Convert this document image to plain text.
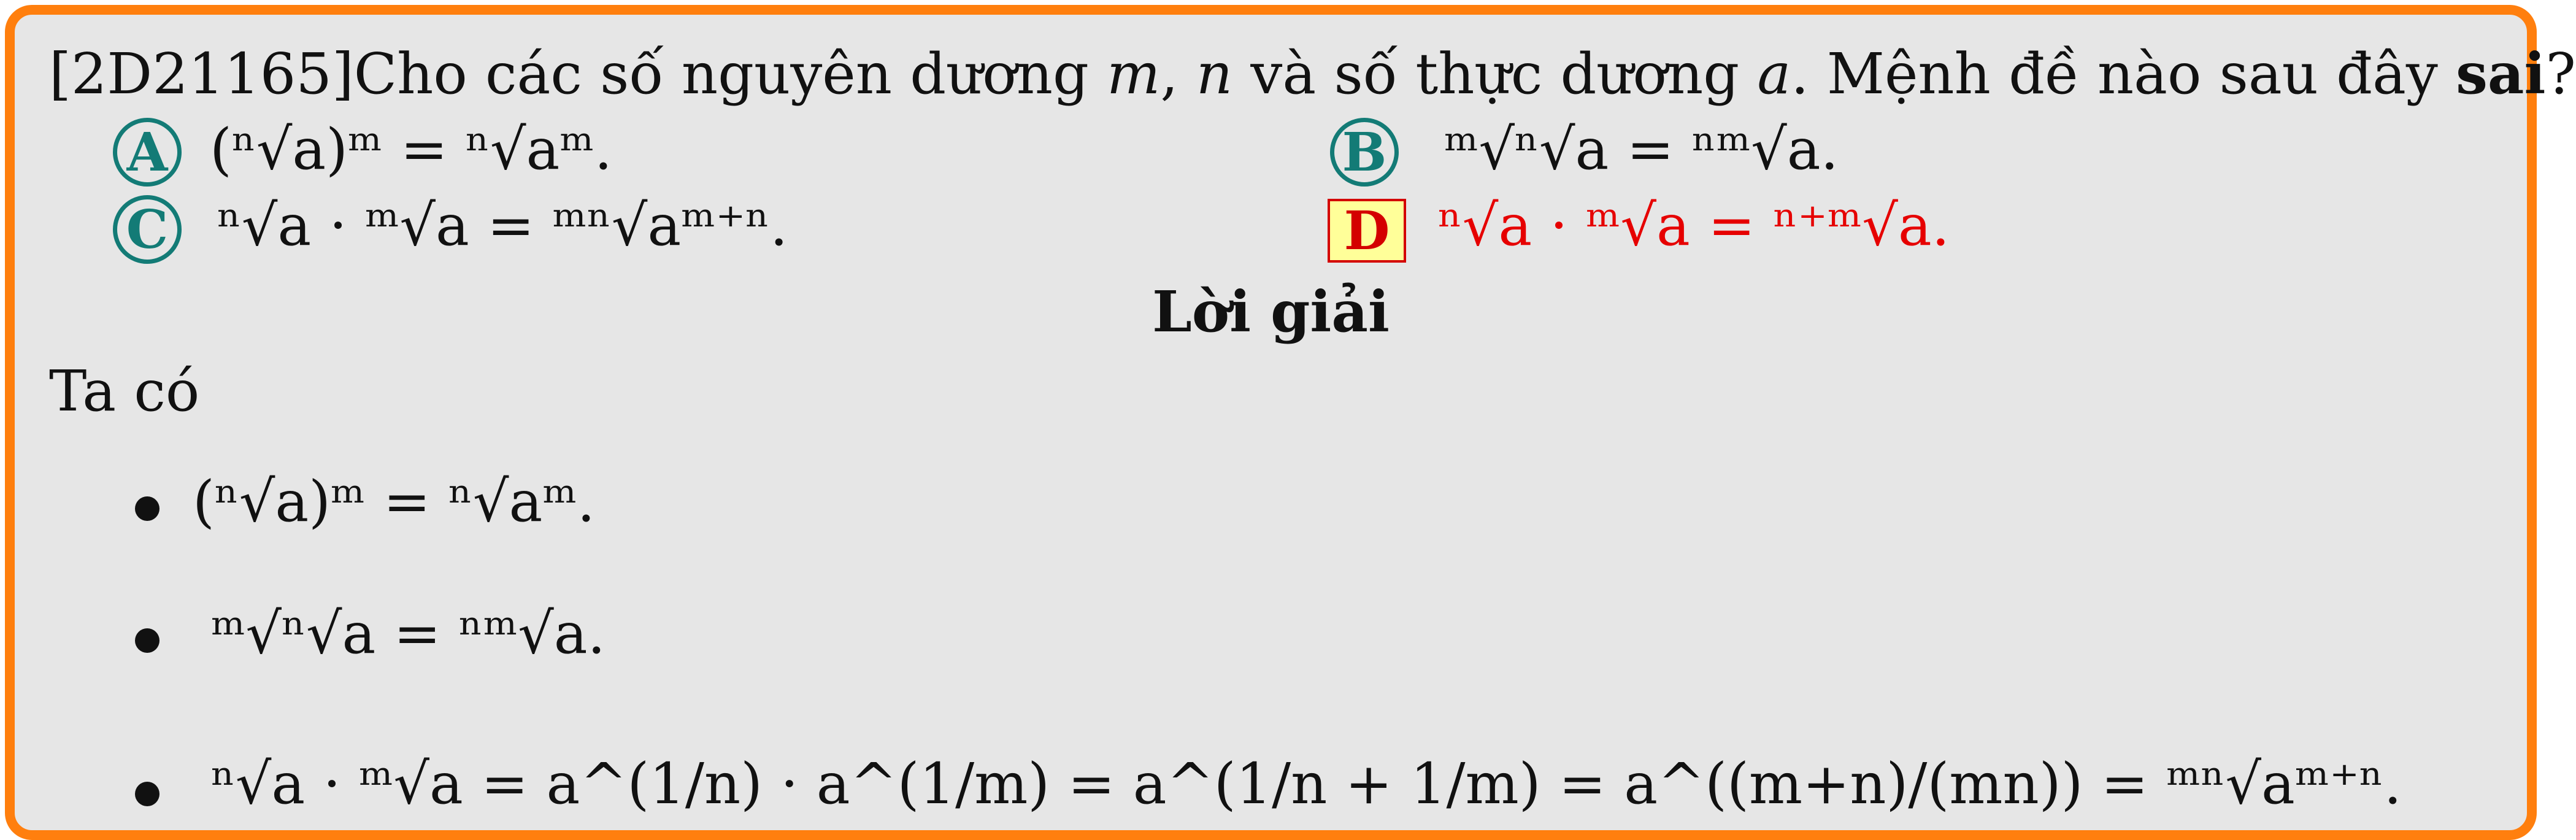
[2D21165]Cho các số nguyên dương m, n và số thực dương a. Mệnh đề nào sau đây sai?
A (ⁿ√a)ᵐ = ⁿ√aᵐ.	B ᵐ√ⁿ√a = ⁿᵐ√a.
C ⁿ√a · ᵐ√a = ᵐⁿ√aᵐ⁺ⁿ.	D ⁿ√a · ᵐ√a = ⁿ⁺ᵐ√a.
Lời giải
Ta có
(ⁿ√a)ᵐ = ⁿ√aᵐ.
ᵐ√ⁿ√a = ⁿᵐ√a.
ⁿ√a · ᵐ√a = a^(1/n) · a^(1/m) = a^(1/n + 1/m) = a^((m+n)/(mn)) = ᵐⁿ√aᵐ⁺ⁿ.
